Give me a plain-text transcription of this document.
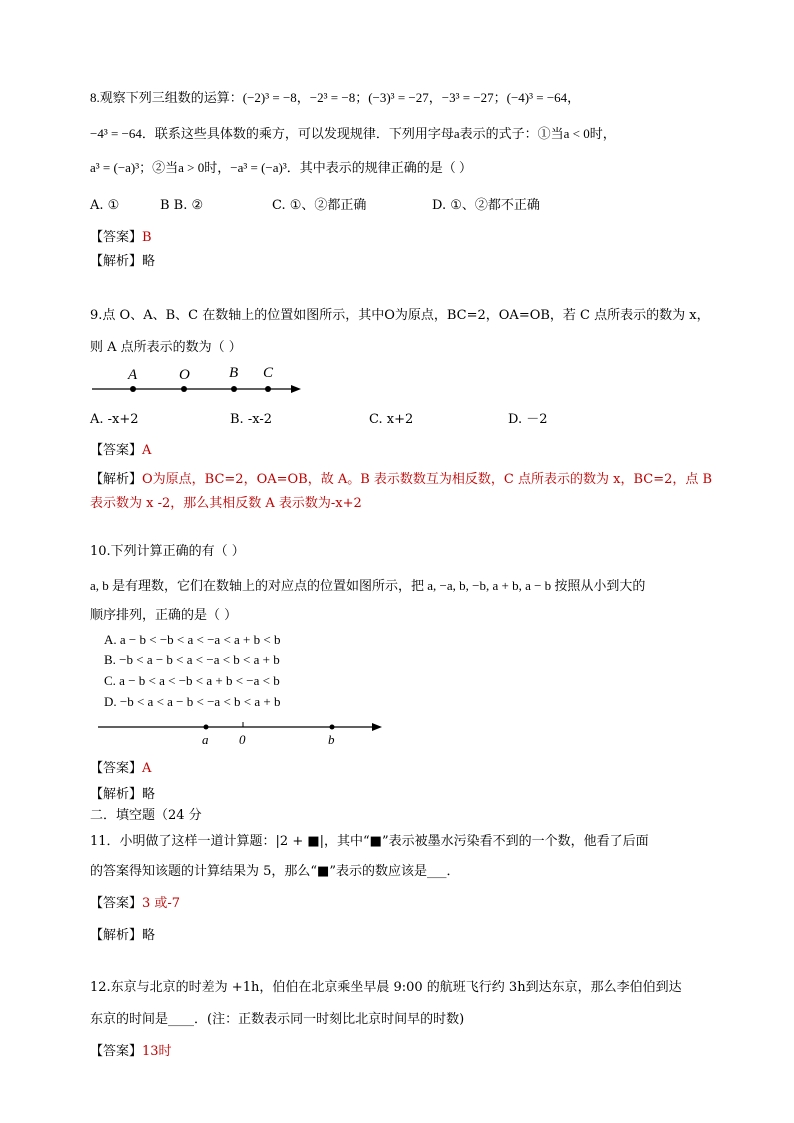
8.观察下列三组数的运算：(−2)³ = −8，−2³ = −8；(−3)³ = −27，−3³ = −27；(−4)³ = −64，
−4³ = −64．联系这些具体数的乘方，可以发现规律．下列用字母a表示的式子：①当a < 0时，
a³ = (−a)³；②当a > 0时，−a³ = (−a)³．其中表示的规律正确的是（ ）
A. ①	B B. ②	C. ①、②都正确	D. ①、②都不正确
【答案】B
【解析】略
9.点 O、A、B、C 在数轴上的位置如图所示，其中O为原点，BC=2，OA=OB，若 C 点所表示的数为 x，
则 A 点所表示的数为（ ）
A	O	B C
A. -x+2	B. -x-2	C. x+2	D. －2
【答案】A
【解析】O为原点，BC=2，OA=OB，故 A。B 表示数数互为相反数，C 点所表示的数为 x，BC=2，点 B
表示数为 x -2，那么其相反数 A 表示数为-x+2
10.下列计算正确的有（ ）
a, b 是有理数，它们在数轴上的对应点的位置如图所示，把 a, −a, b, −b, a + b, a − b 按照从小到大的
顺序排列，正确的是（ ）
A. a − b < −b < a < −a < a + b < b
B. −b < a − b < a < −a < b < a + b
C. a − b < a < −b < a + b < −a < b
D. −b < a < a − b < −a < b < a + b
a 0	b
【答案】A
【解析】略
二．填空题（24 分
11．小明做了这样一道计算题：|2 + ■|，其中“■”表示被墨水污染看不到的一个数，他看了后面
的答案得知该题的计算结果为 5，那么“■”表示的数应该是___．
【答案】3 或-7
【解析】略
12.东京与北京的时差为 +1h，伯伯在北京乘坐早晨 9:00 的航班飞行约 3h到达东京，那么李伯伯到达
东京的时间是____．(注：正数表示同一时刻比北京时间早的时数)
【答案】13时
